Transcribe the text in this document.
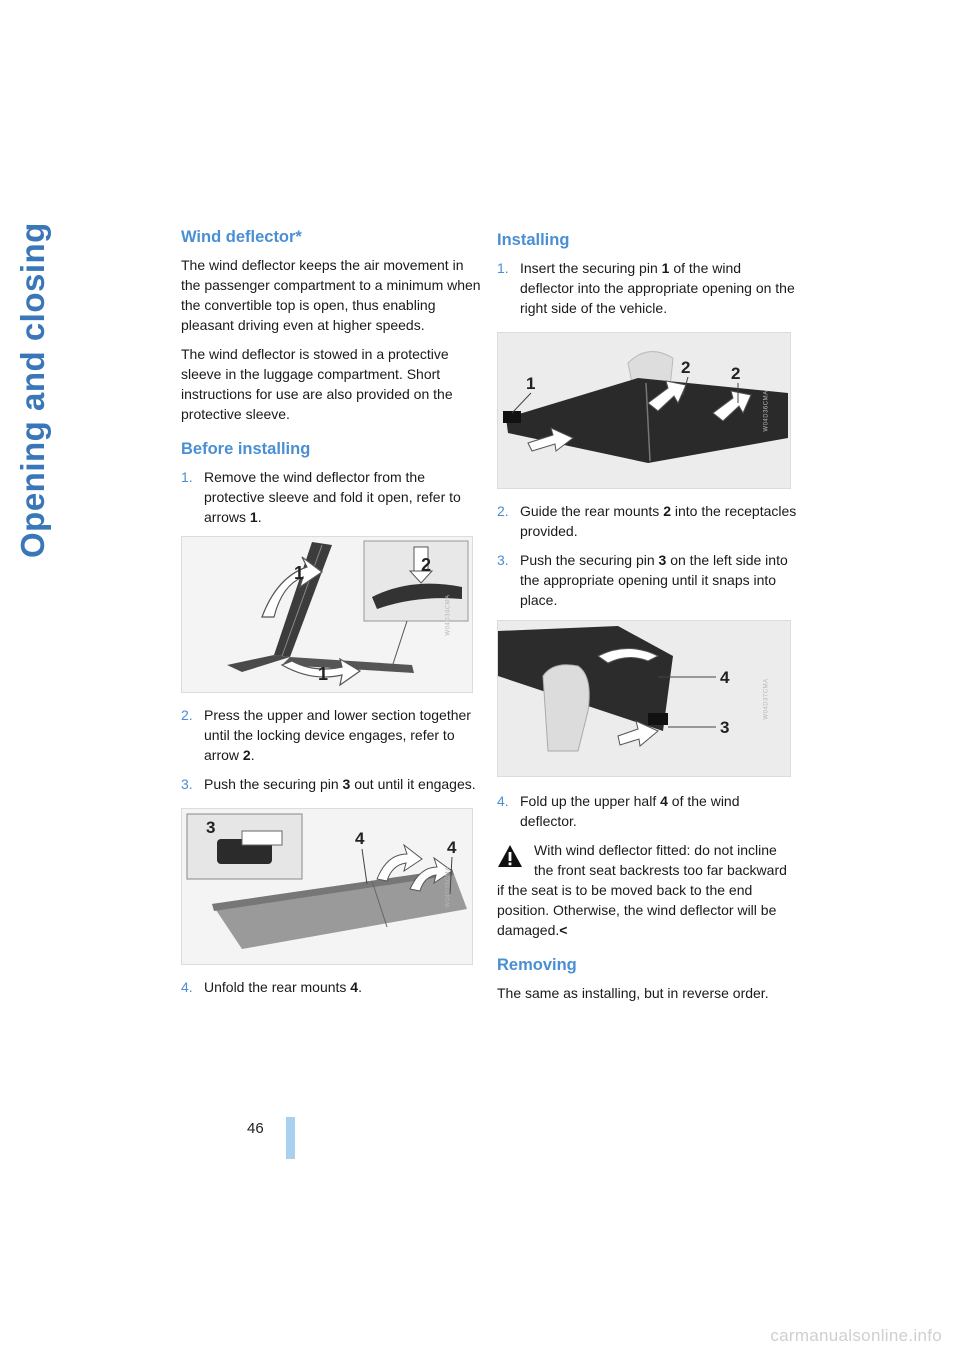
Opening and closing	Wind deflector*

The wind deflector keeps the air movement in the passenger compartment to a minimum when the convertible top is open, thus enabling pleasant driving even at higher speeds.

The wind deflector is stowed in a protective sleeve in the luggage compartment. Short instructions for use are also provided on the protective sleeve.

Before installing
1. Remove the wind deflector from the protective sleeve and fold it open, refer to arrows 1.
1
1
2
W04D34CMA
2. Press the upper and lower section together until the locking device engages, refer to arrow 2.
3. Push the securing pin 3 out until it engages.
3
4	4
W04D35CMA
4. Unfold the rear mounts 4.
Installing
1. Insert the securing pin 1 of the wind deflector into the appropriate opening on the right side of the vehicle.
1
2 2
W04D36CMA
2. Guide the rear mounts 2 into the receptacles provided.
3. Push the securing pin 3 on the left side into the appropriate opening until it snaps into place.
4
3
W04D37CMA
4. Fold up the upper half 4 of the wind deflector.
With wind deflector fitted: do not incline the front seat backrests too far backward
if the seat is to be moved back to the end position. Otherwise, the wind deflector will be damaged.<
Removing

The same as installing, but in reverse order.

46
carmanualsonline.info
